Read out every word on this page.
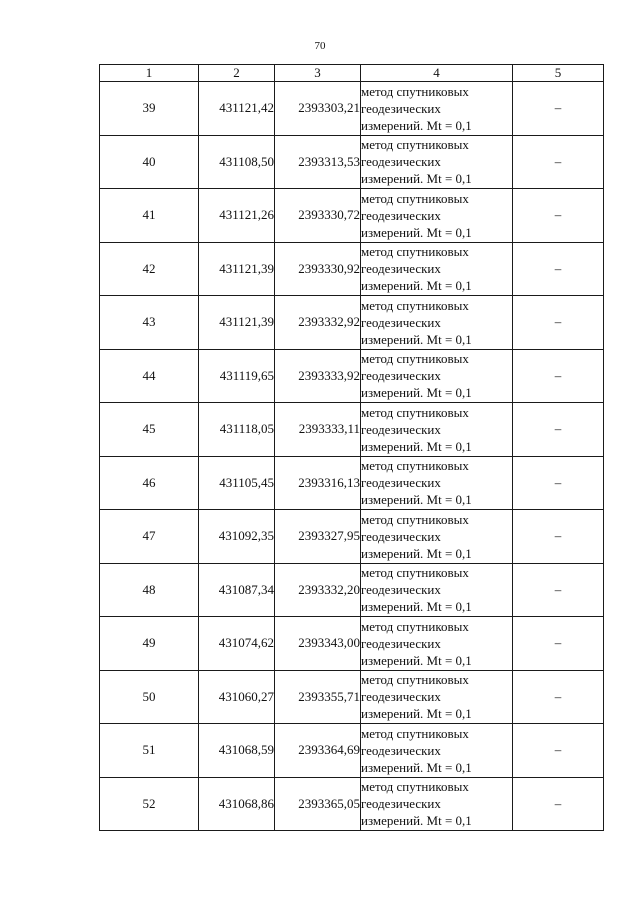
70
1	2	3	4	5
39	431121,42	2393303,21	метод спутниковых
геодезических
измерений. Mt = 0,1	–
40	431108,50	2393313,53	метод спутниковых
геодезических
измерений. Mt = 0,1	–
41	431121,26	2393330,72	метод спутниковых
геодезических
измерений. Mt = 0,1	–
42	431121,39	2393330,92	метод спутниковых
геодезических
измерений. Mt = 0,1	–
43	431121,39	2393332,92	метод спутниковых
геодезических
измерений. Mt = 0,1	–
44	431119,65	2393333,92	метод спутниковых
геодезических
измерений. Mt = 0,1	–
45	431118,05	2393333,11	метод спутниковых
геодезических
измерений. Mt = 0,1	–
46	431105,45	2393316,13	метод спутниковых
геодезических
измерений. Mt = 0,1	–
47	431092,35	2393327,95	метод спутниковых
геодезических
измерений. Mt = 0,1	–
48	431087,34	2393332,20	метод спутниковых
геодезических
измерений. Mt = 0,1	–
49	431074,62	2393343,00	метод спутниковых
геодезических
измерений. Mt = 0,1	–
50	431060,27	2393355,71	метод спутниковых
геодезических
измерений. Mt = 0,1	–
51	431068,59	2393364,69	метод спутниковых
геодезических
измерений. Mt = 0,1	–
52	431068,86	2393365,05	метод спутниковых
геодезических
измерений. Mt = 0,1	–
